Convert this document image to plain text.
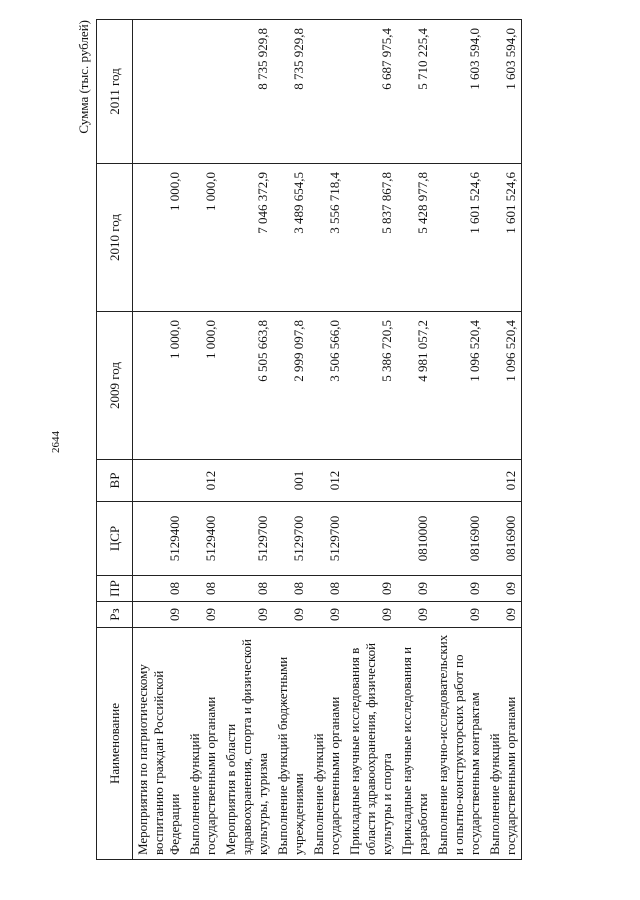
2644
Сумма (тыс. рублей)
Наименование	Рз	ПР	ЦСР	ВР	2009 год	2010 год	2011 год
Мероприятия по патриотическому воспитанию граждан Российской Федерации	09	08	5129400		1 000,0	1 000,0	
Выполнение функций государственными органами	09	08	5129400	012	1 000,0	1 000,0	
Мероприятия в области здравоохранения, спорта и физической культуры, туризма	09	08	5129700		6 505 663,8	7 046 372,9	8 735 929,8
Выполнение функций бюджетными учреждениями	09	08	5129700	001	2 999 097,8	3 489 654,5	8 735 929,8
Выполнение функций государственными органами	09	08	5129700	012	3 506 566,0	3 556 718,4	
Прикладные научные исследования в области здравоохранения, физической культуры и спорта	09	09			5 386 720,5	5 837 867,8	6 687 975,4
Прикладные научные исследования и разработки	09	09	0810000		4 981 057,2	5 428 977,8	5 710 225,4
Выполнение научно-исследовательских и опытно-конструкторских работ по государственным контрактам	09	09	0816900		1 096 520,4	1 601 524,6	1 603 594,0
Выполнение функций государственными органами	09	09	0816900	012	1 096 520,4	1 601 524,6	1 603 594,0
